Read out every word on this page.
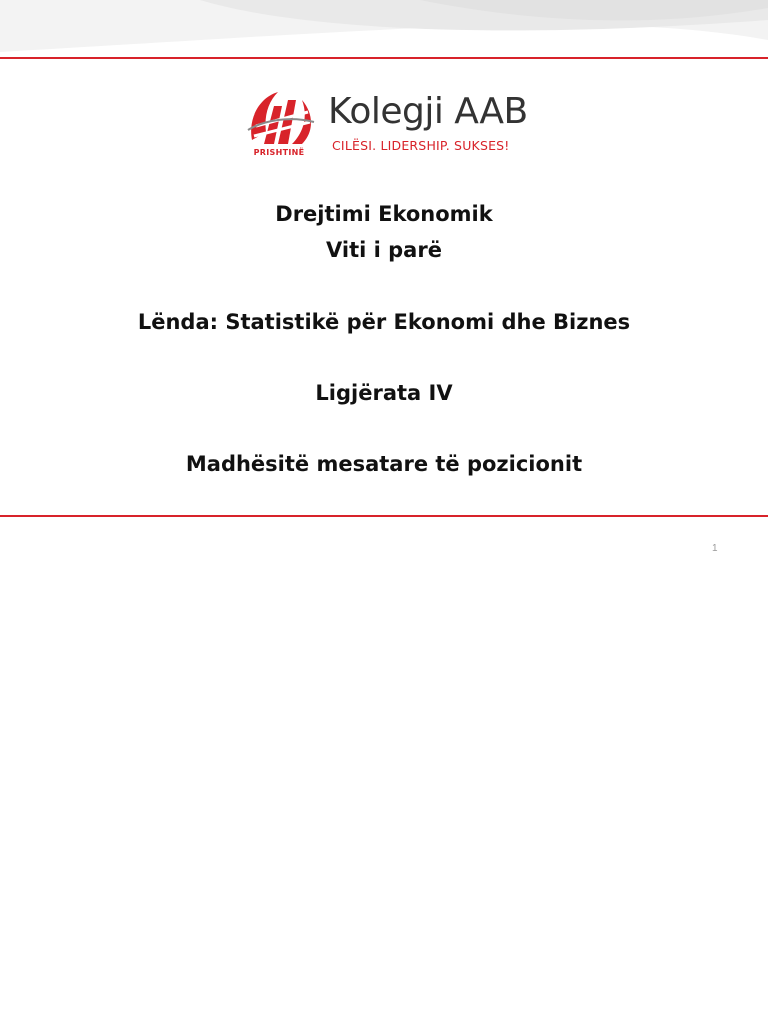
PRISHTINË
Kolegji AAB
CILËSI. LIDERSHIP. SUKSES!
Drejtimi Ekonomik
Viti i parë
Lënda: Statistikë për Ekonomi dhe Biznes
Ligjërata IV
Madhësitë mesatare të pozicionit
1
